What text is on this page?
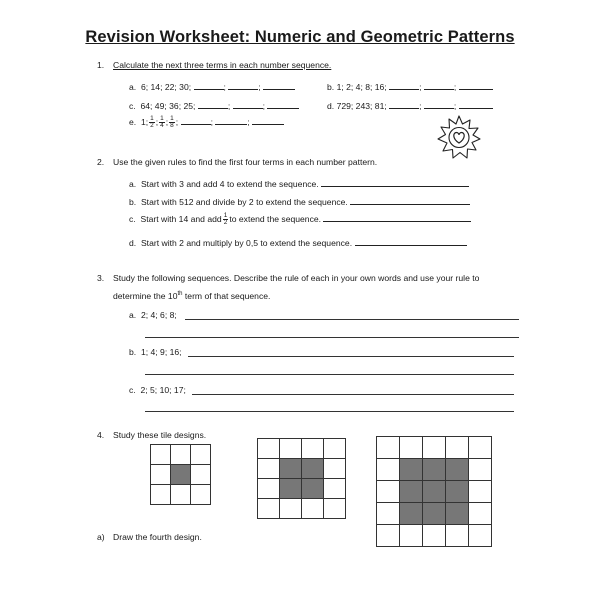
Revision Worksheet: Numeric and Geometric Patterns
1. Calculate the next three terms in each number sequence.
a. 6; 14; 22; 30;	;	;	b. 1; 2; 4; 8; 16;	;	;
c. 64; 49; 36; 25;	;	;	d. 729; 243; 81;	;	;
e. 1; $\frac{1}{2}$ ; $\frac{1}{4}$ ; $\frac{1}{8}$ ;	;	;
2. Use the given rules to find the first four terms in each number pattern.
a. Start with 3 and add 4 to extend the sequence.
b. Start with 512 and divide by 2 to extend the sequence.
c. Start with 14 and add $\frac{1}{2}$ to extend the sequence.
d. Start with 2 and multiply by 0,5 to extend the sequence.
3. Study the following sequences. Describe the rule of each in your own words and use your rule to
determine the 10th term of that sequence.
a. 2; 4; 6; 8;
b. 1; 4; 9; 16;
c. 2; 5; 10; 17;
4. Study these tile designs.
a) Draw the fourth design.
